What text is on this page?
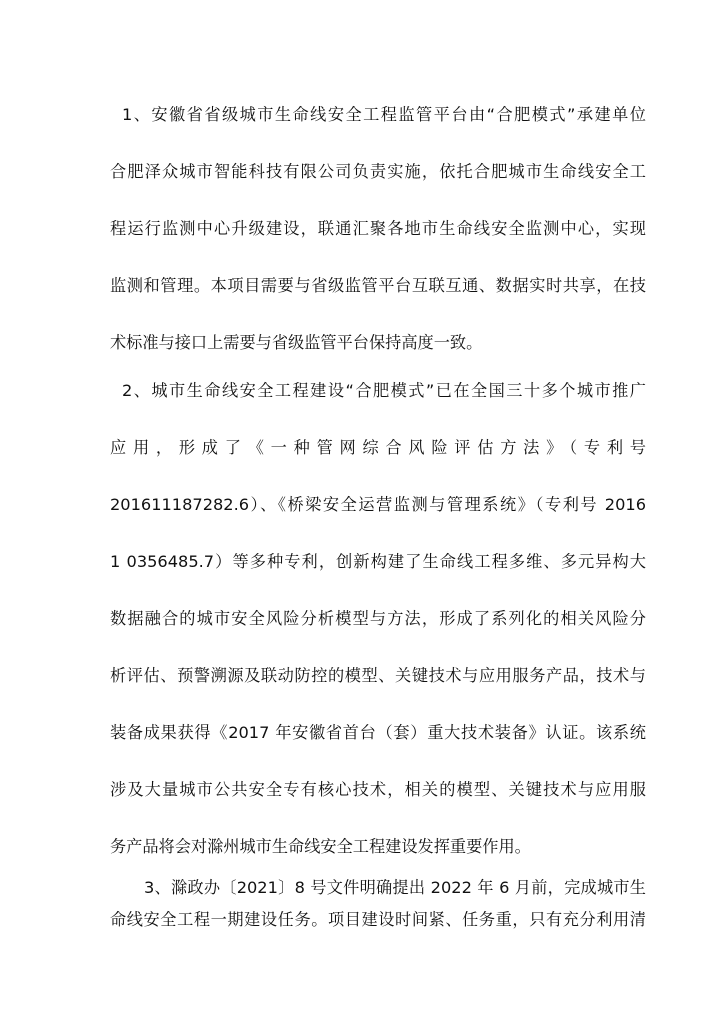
1、安徽省省级城市生命线安全工程监管平台由“合肥模式”承建单位
合肥泽众城市智能科技有限公司负责实施，依托合肥城市生命线安全工
程运行监测中心升级建设，联通汇聚各地市生命线安全监测中心，实现
监测和管理。本项目需要与省级监管平台互联互通、数据实时共享，在技
术标准与接口上需要与省级监管平台保持高度一致。
2、城市生命线安全工程建设“合肥模式”已在全国三十多个城市推广
应用，形成了《一种管网综合风险评估方法》（专利号
201611187282.6）、《桥梁安全运营监测与管理系统》（专利号 2016
1 0356485.7）等多种专利，创新构建了生命线工程多维、多元异构大
数据融合的城市安全风险分析模型与方法，形成了系列化的相关风险分
析评估、预警溯源及联动防控的模型、关键技术与应用服务产品，技术与
装备成果获得《2017 年安徽省首台（套）重大技术装备》认证。该系统
涉及大量城市公共安全专有核心技术，相关的模型、关键技术与应用服
务产品将会对滁州城市生命线安全工程建设发挥重要作用。
3、滁政办〔2021〕8 号文件明确提出 2022 年 6 月前，完成城市生
命线安全工程一期建设任务。项目建设时间紧、任务重，只有充分利用清
